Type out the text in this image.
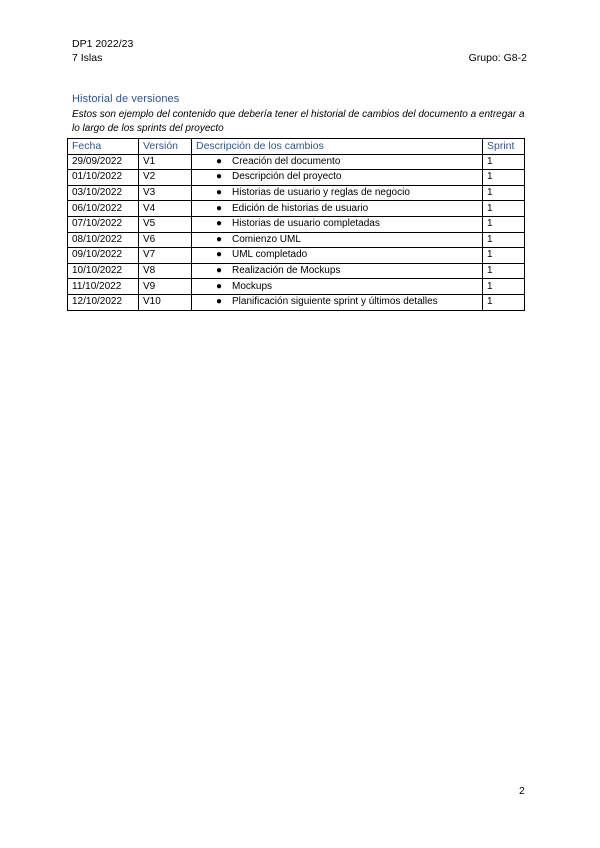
DP1 2022/23
7 Islas	Grupo: G8-2
Historial de versiones
Estos son ejemplo del contenido que debería tener el historial de cambios del documento a entregar a lo largo de los sprints del proyecto
Fecha	Versión	Descripción de los cambios	Sprint
29/09/2022	V1	● Creación del documento	1
01/10/2022	V2	● Descripción del proyecto	1
03/10/2022	V3	● Historias de usuario y reglas de negocio	1
06/10/2022	V4	● Edición de historias de usuario	1
07/10/2022	V5	● Historias de usuario completadas	1
08/10/2022	V6	● Comienzo UML	1
09/10/2022	V7	● UML completado	1
10/10/2022	V8	● Realización de Mockups	1
11/10/2022	V9	● Mockups	1
12/10/2022	V10	● Planificación siguiente sprint y últimos detalles	1
2
